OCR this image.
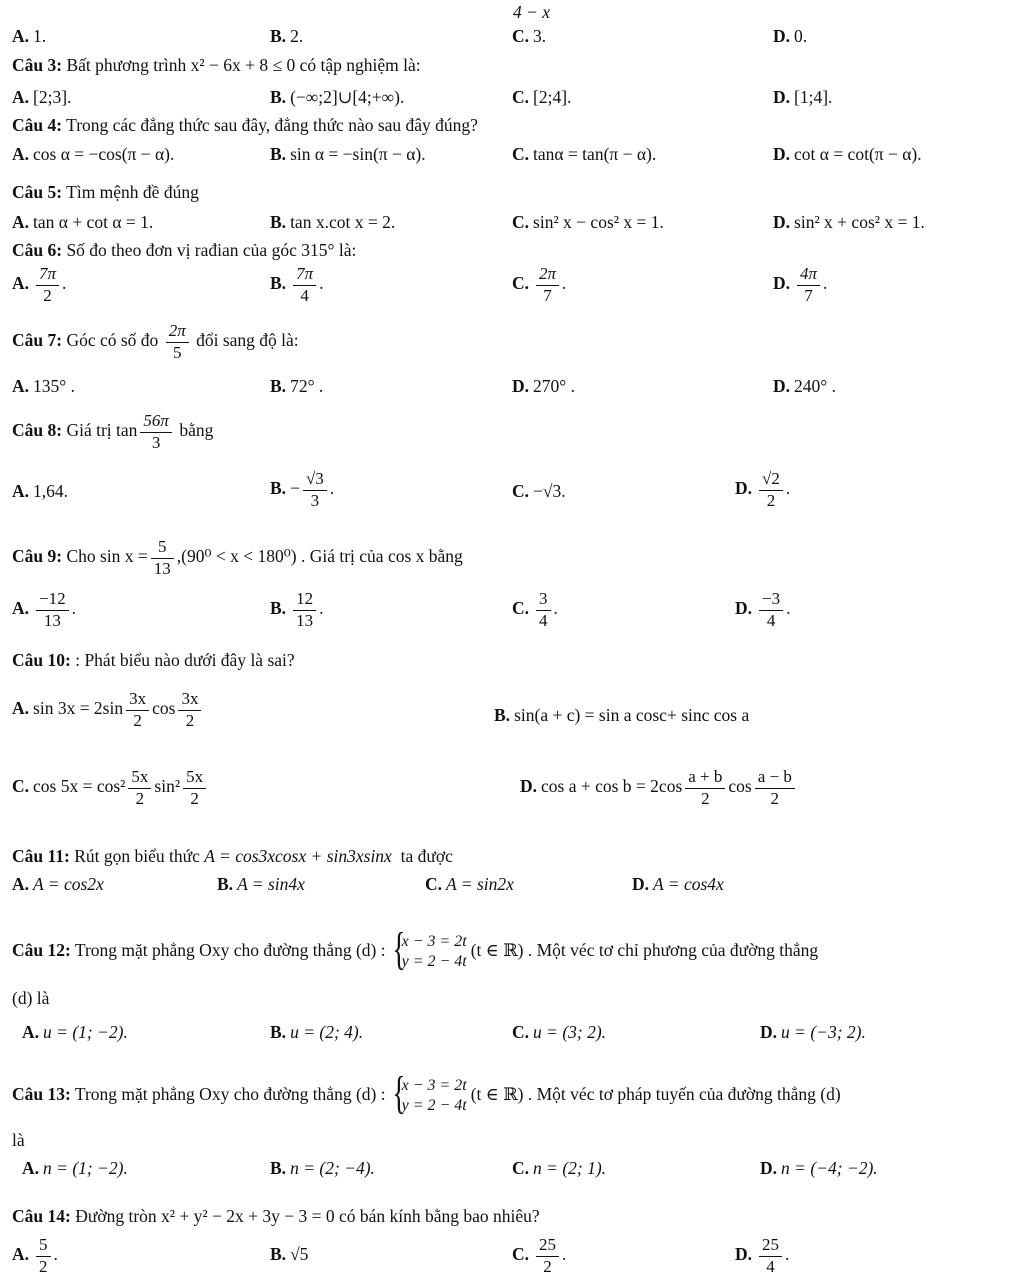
4 − x
A. 1.	B. 2.	C. 3.	D. 0.
Câu 3: Bất phương trình x² − 6x + 8 ≤ 0 có tập nghiệm là:
A. [2;3].	B. (−∞;2]∪[4;+∞).	C. [2;4].	D. [1;4].
Câu 4: Trong các đẳng thức sau đây, đẳng thức nào sau đây đúng?
A. cos α = −cos(π − α).	B. sin α = −sin(π − α).	C. tanα = tan(π − α).	D. cot α = cot(π − α).
Câu 5: Tìm mệnh đề đúng
A. tan α + cot α = 1.	B. tan x.cot x = 2.	C. sin² x − cos² x = 1.	D. sin² x + cos² x = 1.
Câu 6: Số đo theo đơn vị rađian của góc 315° là:
A. $\frac{7\pi}{2}$ .	B. $\frac{7\pi}{4}$ .	C. $\frac{2\pi}{7}$ .	D. $\frac{4\pi}{7}$ .
Câu 7: Góc có số đo $\frac{2\pi}{5}$ đổi sang độ là:
A. 135° .	B. 72° .	D. 270° .	D. 240° .
Câu 8: Giá trị $\tan \frac{56\pi}{3}$ bằng
A. 1,64.	B. − $\frac{√3}{3}$ .	C. −√3.	D. $\frac{√2}{2}$ .
Câu 9: Cho $\sin x = \frac{5}{13} ,(90^0 < x < 180^0)$ . Giá trị của cos x bằng
A. $\frac{-12}{13}$ .	B. $\frac{12}{13}$ .	C. $\frac{3}{4}$ .	D. $\frac{-3}{4}$ .
Câu 10: : Phát biểu nào dưới đây là sai?
A. $\sin 3x = 2\sin \frac{3x}{2}$ $\cos \frac{3x}{2}$	B. sin(a + c) = sin a cosc+ sinc cos a
C. $\cos 5x = \cos^2 \frac{5x}{2} \sin^2 \frac{5x}{2}$	D. $\cos a + \cos b = 2\cos \frac{a + b}{2}$ $\cos \frac{a - b}{2}$
Câu 11: Rút gọn biểu thức A = cos3xcosx + sin3xsinx ta được
A. A = cos2x	B. A = sin4x	C. A = sin2x	D. A = cos4x
Câu 12: Trong mặt phẳng Oxy cho đường thẳng (d) : { x − 3 = 2t
y = 2 − 4t
(t ∈ ℝ) . Một véc tơ chỉ phương của đường thẳng
(d) là
A. u = (1; −2).	B. u = (2; 4).	C. u = (3; 2).	D. u = (−3; 2).
Câu 13: Trong mặt phẳng Oxy cho đường thẳng (d) : { x − 3 = 2t
y = 2 − 4t
(t ∈ ℝ) . Một véc tơ pháp tuyến của đường thẳng (d)
là
A. n = (1; −2).	B. n = (2; −4).	C. n = (2; 1).	D. n = (−4; −2).
Câu 14: Đường tròn x² + y² − 2x + 3y − 3 = 0 có bán kính bằng bao nhiêu?
A. $\frac{5}{2}$ .	B. √5	C. $\frac{25}{2}$ .	D. $\frac{25}{4}$ .
